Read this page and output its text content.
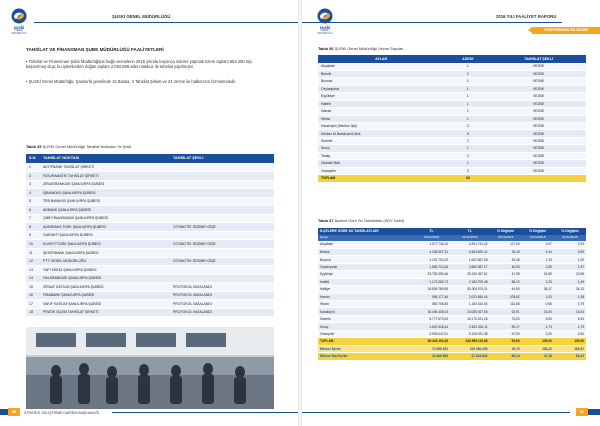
şuski
GENEL MÜDÜRLÜĞÜ
ŞUSKİ GENEL MÜDÜRLÜĞÜ
TAHSİLAT VE FİNANSMAN ŞUBE MÜDÜRLÜĞÜ FAALİYETLERİ
• Tahsilat ve Finansman Şube Müdürlüğüne bağlı veznelerin 2016 yılında boyunca ödeme yapmak üzere toplam 582.290 kişi başvurmuş olup; bu işlemlerden doğan toplam 2.092.589 adet makbuz ile tahsilat yapılmıştır.
• ŞUSKİ Genel Müdürlüğü, Şanlıurfa genelinde 15 Banka, 3 Tahsilat Şirketi ve 24 Vezne ile halkımızın hizmetindedir.
Tablo 35 ŞUSKİ Genel Müdürlüğü Tahsilat Noktaları Ve Şekli
S.N.	TAHSİLAT NOKTASI	TAHSİLAT ŞEKLİ
1	AKTİFBANK TAHSİLAT ŞİRKETİ	
2	FATURAMATİK TAHSİLAT ŞİRKETİ	
3	ZİRAATBANKASI ŞANLIURFA ŞUBESİ	
4	İŞBANKASI ŞANLIURFA ŞUBESİ	
5	TEB BANKASI ŞANLIURFA ŞUBESİ	
6	AKBANK ŞANLIURFA ŞUBESİ	
7	QNB FİNANSBANK ŞANLIURFA ŞUBESİ	
8	ALBARAKA TÜRK ŞANLIURFA ŞUBESİ	OTOMOTİK ÖDEME+GİŞE
9	GARANTİ ŞANLIURFA ŞUBESİ	
10	KUVEYTTÜRK ŞANLIURFA ŞUBESİ	OTOMOTİK ÖDEME+GİŞE
11	ŞEKERBANK ŞANLIURFA ŞUBESİ	
12	PTT GENEL MÜDÜRLÜĞÜ	OTOMOTİK ÖDEME+GİŞE
13	YAPI KREDİ ŞANLIURFA ŞUBESİ	
14	HALKBANKASI ŞANLIURFA ŞUBESİ	
15	ZİRAAT KATILIM ŞANLIURFA ŞUBESİ	PROTOKOL İMZALANDI
16	FİBABANK ŞANLIURFA ŞUBESİ	PROTOKOL İMZALANDI
17	VAKIF KATILIM ŞANLIURFA ŞUBESİ	PROTOKOL İMZALANDI
18	PRATİK İŞLEM TAHSİLAT ŞİRKETİ	PROTOKOL İMZALANDI
90	STRATEJİ GELİŞTİRME DAİRESİ BAŞKANLIĞI
şuski
GENEL MÜDÜRLÜĞÜ
2016 YILI FAALİYET RAPORU
PERFORMANS BİLGİLERİ
Tablo 36 ŞUSKİ Genel Müdürlüğü Vezne Sayıları
AYLAR	ADEDİ	TAHSİLAT ŞEKLİ
Akçakale	1	VEZNE
Birecik	2	VEZNE
Bozova	1	VEZNE
Ceylanpınar	1	VEZNE
Eyyübiye	1	VEZNE
Halfeti	1	VEZNE
Harran	1	VEZNE
Hilvan	1	VEZNE
Karaköprü (Merkez İlçe)	2	VEZNE
Merkez Al Bahcivan'a Mvk.	5	VEZNE
Siverek	2	VEZNE
Suruç	1	VEZNE
Tedaş	2	VEZNE
Ulubatlı Mah.	1	VEZNE
Viranşehir	2	VEZNE
TOPLAM	24	
Tablo 37 İlçelere Göre Su Tahsilatları (KDV Dahil)
İLÇELERE GÖRE SU TAHSİLATLARI	TL	TL	% Değişim	% Değişim	% Değişim
İlçeler	31/12/2016	31/12/2015	31/12/2015	31/12/2015	31/12/2015
Akçakale	1.977.734,24	4.291.741,42	117,00	2,07	2,93
Birecik	4.238.307,31	5.363.520,41	26,16	4,44	3,59
Bozova	1.101.700,29	1.602.557,08	45,46	1,15	1,09
Ceylanpınar	1.960.710,06	2.880.967,17	46,93	2,05	1,97
Eyyübiye	23.752.353,46	35.150.267,61	47,99	24,89	23,98
Halfeti	1.173.283,73	2.183.709,48	86,12	1,23	1,49
Haliliye	34.509.789,55	53.004.074,11	44,90	36,17	34,12
Harran	984.177,44	2.023.656,44	105,62	1,03	1,38
Hilvan	550.756,65	1.160.310,94	110,68	0,58	0,79
Karaköprü	16.494.408,04	24.085.927,06	63,91	15,40	16,43
Siverek	5.777.573,03	10.170.021,16	76,03	6,05	6,94
Suruç	1.647.518,44	2.622.324,11	59,17	1,73	1,79
Viranşehir	3.053.042,91	5.126.031,38	67,90	3,20	3,50
TOPLAM	95.422.104,15	146.565.110,88	53,60	100,00	100,00
Merkez İlçeler	72.956.551	109.260.269	49,73	153,22	182,87
Merkez Dışı İlçeler	22.465.553	37.324.842	66,14	47,18	62,21
91
